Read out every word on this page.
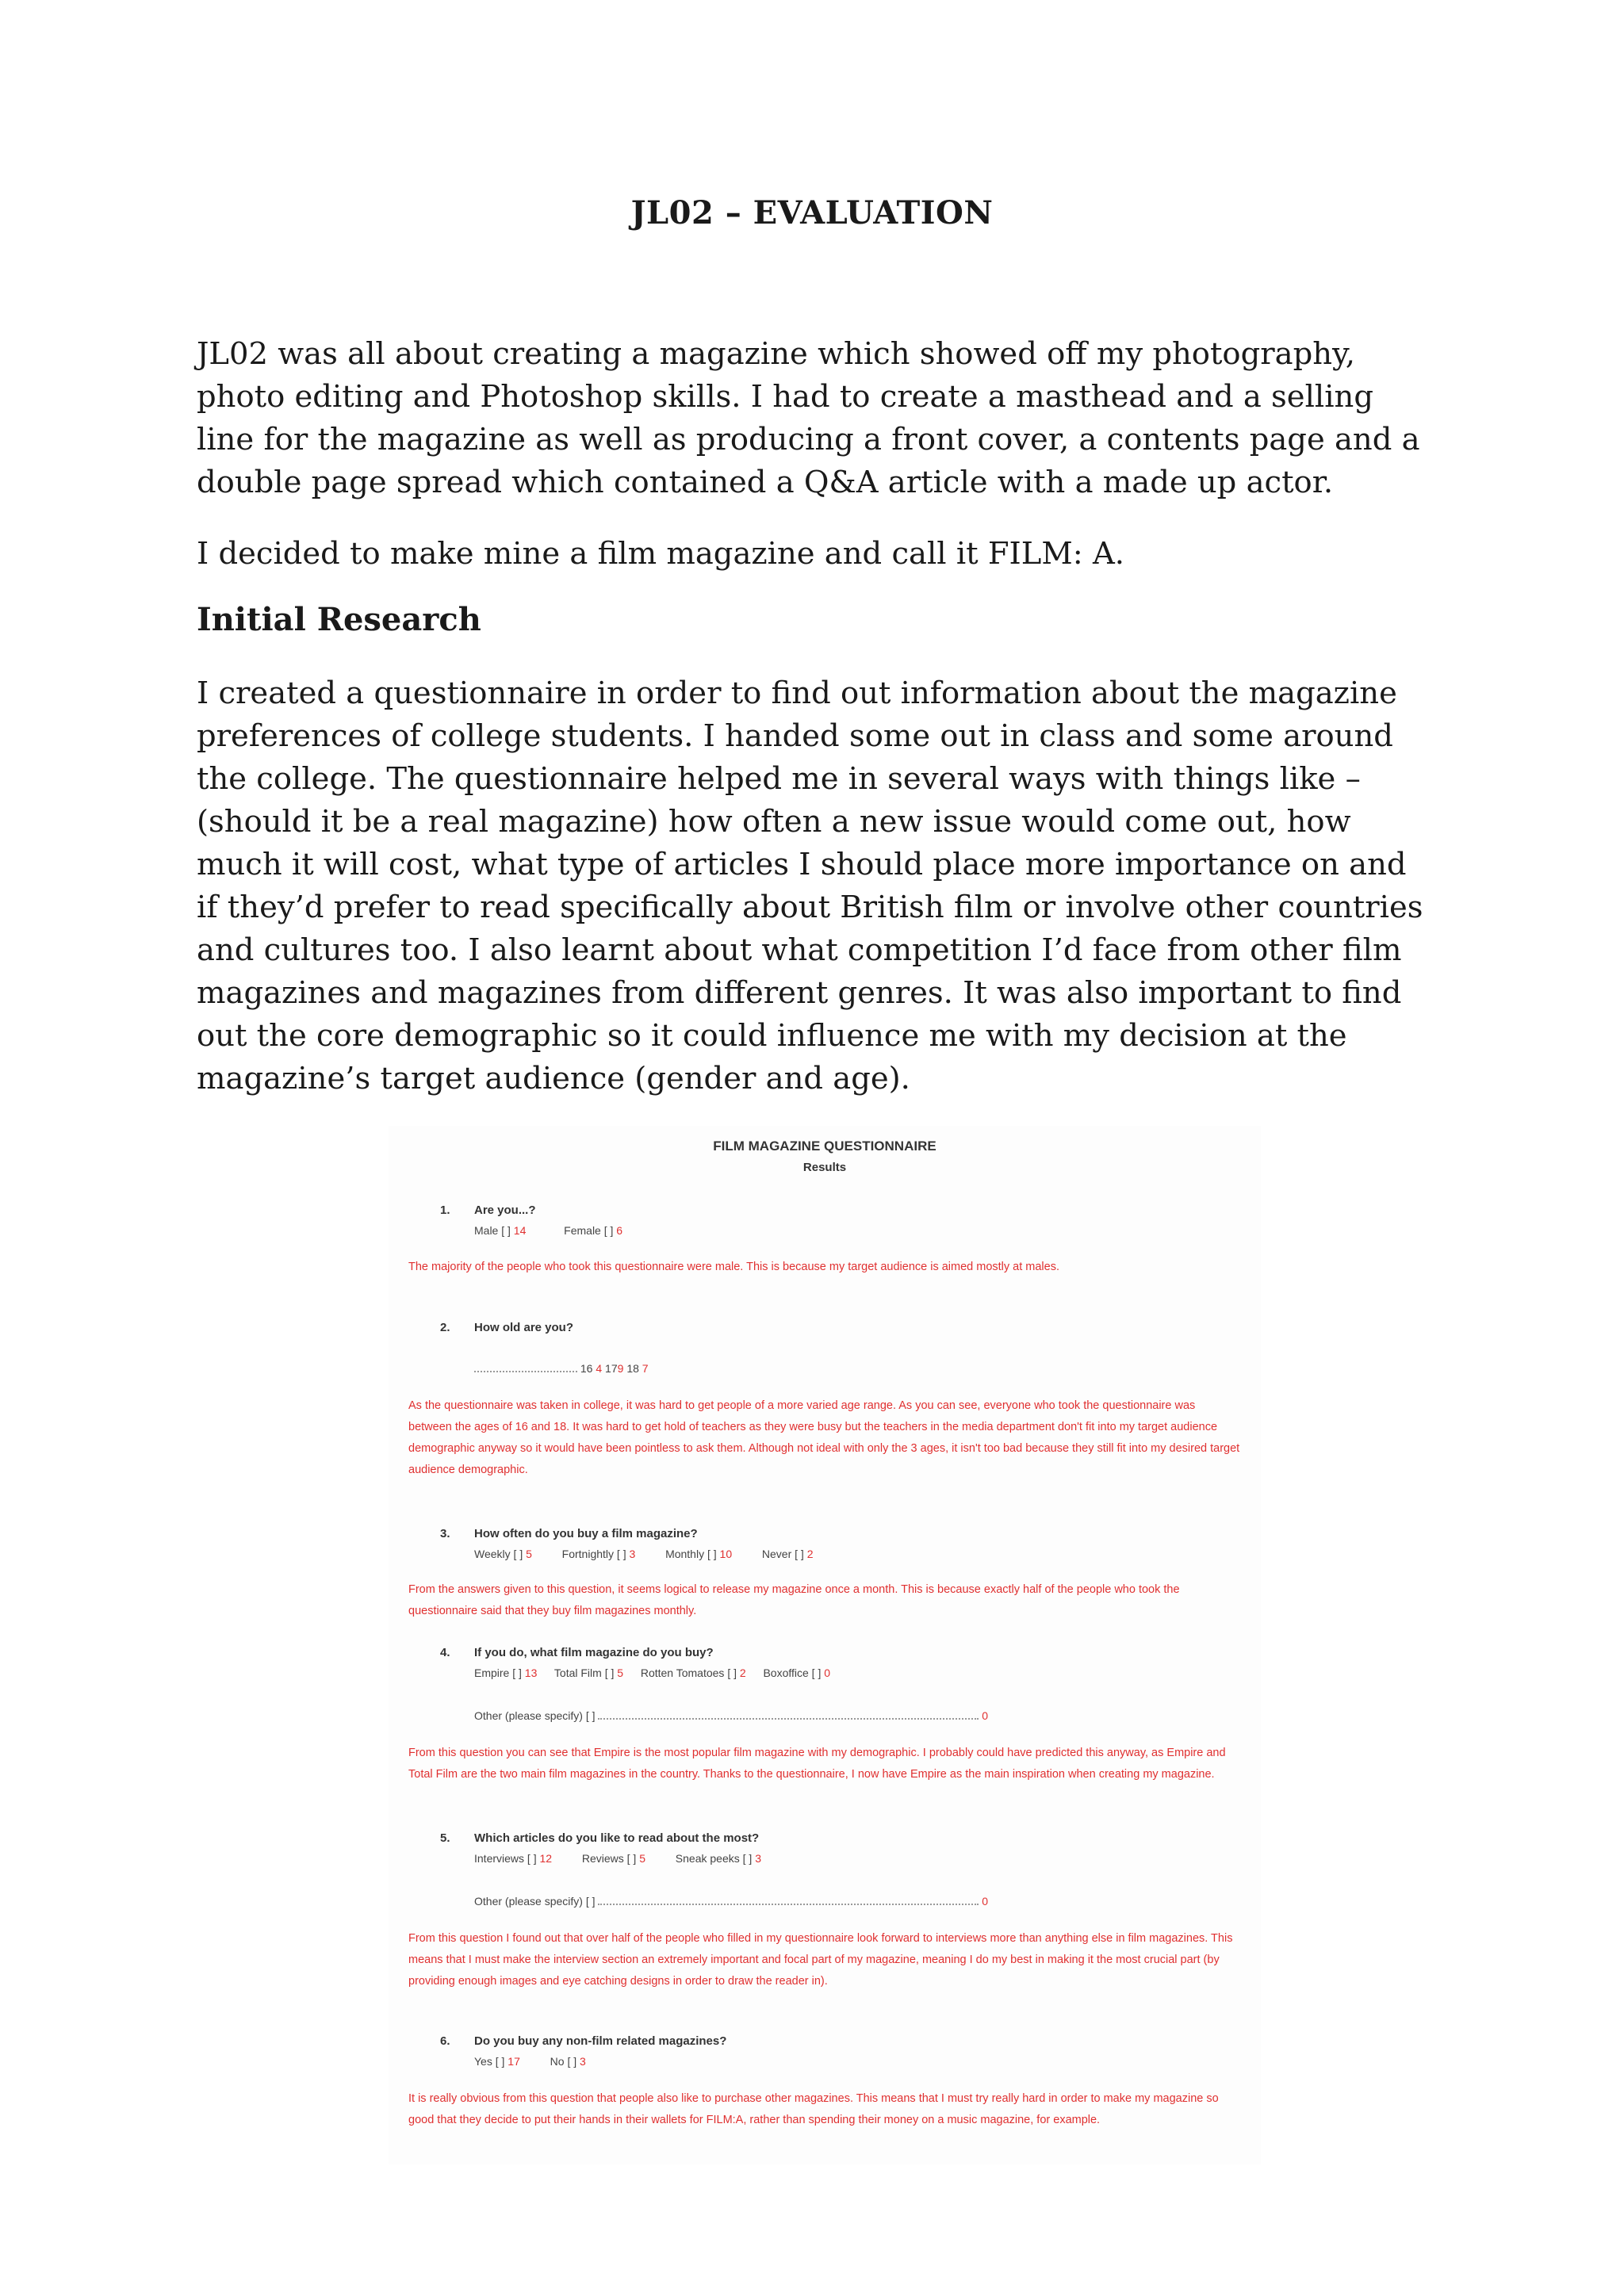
JL02 – EVALUATION

JL02 was all about creating a magazine which showed off my photography, photo editing and Photoshop skills. I had to create a masthead and a selling line for the magazine as well as producing a front cover, a contents page and a double page spread which contained a Q&A article with a made up actor.

I decided to make mine a film magazine and call it FILM: A.

Initial Research

I created a questionnaire in order to find out information about the magazine preferences of college students. I handed some out in class and some around the college. The questionnaire helped me in several ways with things like – (should it be a real magazine) how often a new issue would come out, how much it will cost, what type of articles I should place more importance on and if they’d prefer to read specifically about British film or involve other countries and cultures too. I also learnt about what competition I’d face from other film magazines and magazines from different genres. It was also important to find out the core demographic so it could influence me with my decision at the magazine’s target audience (gender and age).

FILM MAGAZINE QUESTIONNAIRE
Results
1.	Are you...?
Male [ ] 14	Female [ ] 6
The majority of the people who took this questionnaire were male. This is because my target audience is aimed mostly at males.
2.	How old are you?
16 4 179 18 7
As the questionnaire was taken in college, it was hard to get people of a more varied age range. As you can see, everyone who took the questionnaire was between the ages of 16 and 18. It was hard to get hold of teachers as they were busy but the teachers in the media department don't fit into my target audience demographic anyway so it would have been pointless to ask them. Although not ideal with only the 3 ages, it isn't too bad because they still fit into my desired target audience demographic.
3.	How often do you buy a film magazine?
Weekly [ ] 5	Fortnightly [ ] 3	Monthly [ ] 10	Never [ ] 2
From the answers given to this question, it seems logical to release my magazine once a month. This is because exactly half of the people who took the questionnaire said that they buy film magazines monthly.
4.	If you do, what film magazine do you buy?
Empire [ ] 13 Total Film [ ] 5 Rotten Tomatoes [ ] 2 Boxoffice [ ] 0
Other (please specify) [ ]	0
From this question you can see that Empire is the most popular film magazine with my demographic. I probably could have predicted this anyway, as Empire and Total Film are the two main film magazines in the country. Thanks to the questionnaire, I now have Empire as the main inspiration when creating my magazine.
5.	Which articles do you like to read about the most?
Interviews [ ] 12	Reviews [ ] 5	Sneak peeks [ ] 3
Other (please specify) [ ]	0
From this question I found out that over half of the people who filled in my questionnaire look forward to interviews more than anything else in film magazines. This means that I must make the interview section an extremely important and focal part of my magazine, meaning I do my best in making it the most crucial part (by providing enough images and eye catching designs in order to draw the reader in).
6.	Do you buy any non-film related magazines?
Yes [ ] 17	No [ ] 3
It is really obvious from this question that people also like to purchase other magazines. This means that I must try really hard in order to make my magazine so good that they decide to put their hands in their wallets for FILM:A, rather than spending their money on a music magazine, for example.
